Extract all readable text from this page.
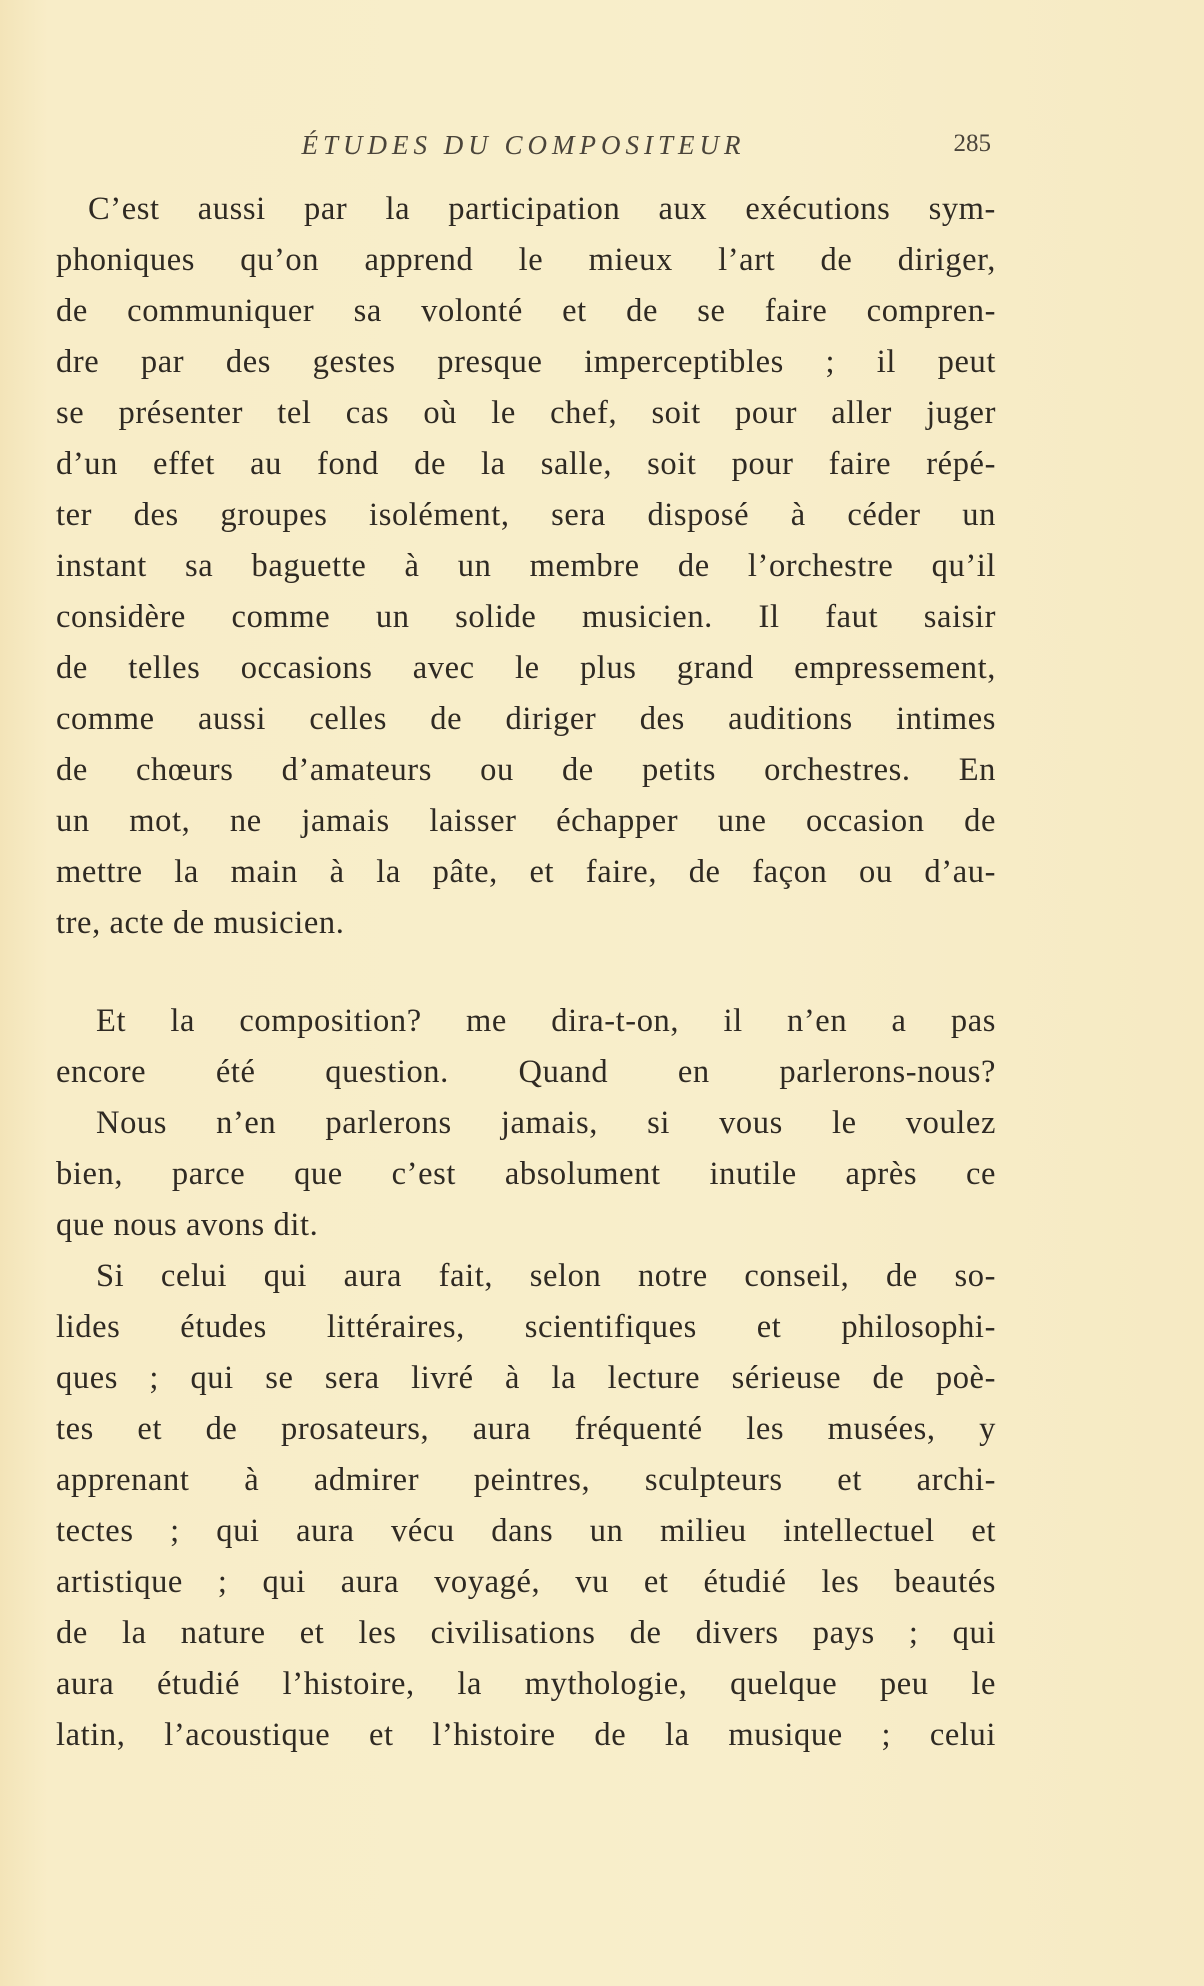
ÉTUDES DU COMPOSITEUR	285

C’est aussi par la participation aux exécutions sym-
phoniques qu’on apprend le mieux l’art de diriger,
de communiquer sa volonté et de se faire compren-
dre par des gestes presque imperceptibles ; il peut
se présenter tel cas où le chef, soit pour aller juger
d’un effet au fond de la salle, soit pour faire répé-
ter des groupes isolément, sera disposé à céder un
instant sa baguette à un membre de l’orchestre qu’il
considère comme un solide musicien. Il faut saisir
de telles occasions avec le plus grand empressement,
comme aussi celles de diriger des auditions intimes
de chœurs d’amateurs ou de petits orchestres. En
un mot, ne jamais laisser échapper une occasion de
mettre la main à la pâte, et faire, de façon ou d’au-
tre, acte de musicien.

Et la composition? me dira-t-on, il n’en a pas
encore été question. Quand en parlerons-nous?

Nous n’en parlerons jamais, si vous le voulez
bien, parce que c’est absolument inutile après ce
que nous avons dit.

Si celui qui aura fait, selon notre conseil, de so-
lides études littéraires, scientifiques et philosophi-
ques ; qui se sera livré à la lecture sérieuse de poè-
tes et de prosateurs, aura fréquenté les musées, y
apprenant à admirer peintres, sculpteurs et archi-
tectes ; qui aura vécu dans un milieu intellectuel et
artistique ; qui aura voyagé, vu et étudié les beautés
de la nature et les civilisations de divers pays ; qui
aura étudié l’histoire, la mythologie, quelque peu le
latin, l’acoustique et l’histoire de la musique ; celui
